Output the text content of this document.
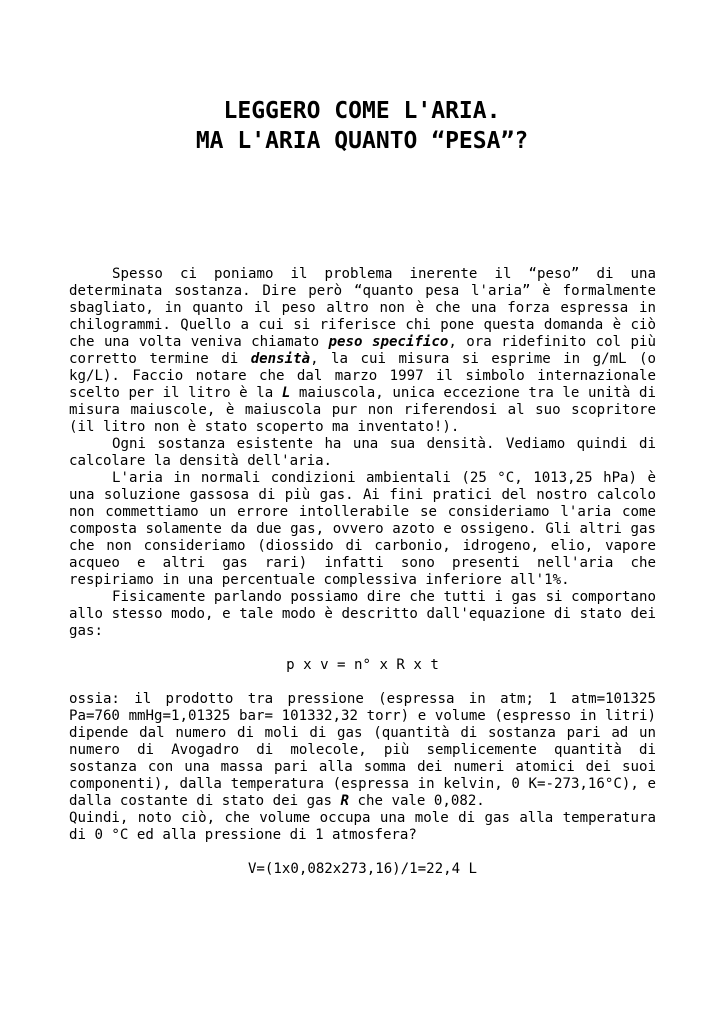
LEGGERO COME L'ARIA.
MA L'ARIA QUANTO “PESA”?

Spesso ci poniamo il problema inerente il “peso” di una determinata sostanza. Dire però “quanto pesa l'aria” è formalmente sbagliato, in quanto il peso altro non è che una forza espressa in chilogrammi. Quello a cui si riferisce chi pone questa domanda è ciò che una volta veniva chiamato peso specifico, ora ridefinito col più corretto termine di densità, la cui misura si esprime in g/mL (o kg/L). Faccio notare che dal marzo 1997 il simbolo internazionale scelto per il litro è la L maiuscola, unica eccezione tra le unità di misura maiuscole, è maiuscola pur non riferendosi al suo scopritore (il litro non è stato scoperto ma inventato!).

Ogni sostanza esistente ha una sua densità. Vediamo quindi di calcolare la densità dell'aria.

L'aria in normali condizioni ambientali (25 °C, 1013,25 hPa) è una soluzione gassosa di più gas. Ai fini pratici del nostro calcolo non commettiamo un errore intollerabile se consideriamo l'aria come composta solamente da due gas, ovvero azoto e ossigeno. Gli altri gas che non consideriamo (diossido di carbonio, idrogeno, elio, vapore acqueo e altri gas rari) infatti sono presenti nell'aria che respiriamo in una percentuale complessiva inferiore all'1%.

Fisicamente parlando possiamo dire che tutti i gas si comportano allo stesso modo, e tale modo è descritto dall'equazione di stato dei gas:

p x v = n° x R x t

ossia: il prodotto tra pressione (espressa in atm; 1 atm=101325 Pa=760 mmHg=1,01325 bar= 101332,32 torr) e volume (espresso in litri) dipende dal numero di moli di gas (quantità di sostanza pari ad un numero di Avogadro di molecole, più semplicemente quantità di sostanza con una massa pari alla somma dei numeri atomici dei suoi componenti), dalla temperatura (espressa in kelvin, 0 K=-273,16°C), e dalla costante di stato dei gas R che vale 0,082.

Quindi, noto ciò, che volume occupa una mole di gas alla temperatura di 0 °C ed alla pressione di 1 atmosfera?

V=(1x0,082x273,16)/1=22,4 L
